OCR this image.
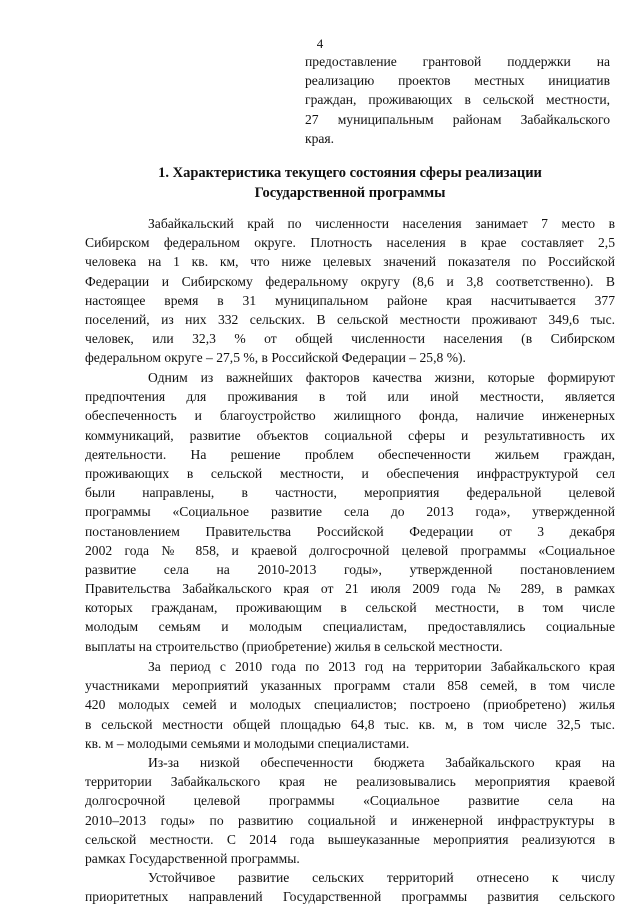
4
предоставление грантовой поддержки на
реализацию проектов местных инициатив
граждан, проживающих в сельской местности,
27 муниципальным районам Забайкальского
края.
1. Характеристика текущего состояния сферы реализации
Государственной программы
Забайкальский край по численности населения занимает 7 место в
Сибирском федеральном округе. Плотность населения в крае составляет 2,5
человека на 1 кв. км, что ниже целевых значений показателя по Российской
Федерации и Сибирскому федеральному округу (8,6 и 3,8 соответственно). В
настоящее время в 31 муниципальном районе края насчитывается 377
поселений, из них 332 сельских. В сельской местности проживают 349,6 тыс.
человек, или 32,3 % от общей численности населения (в Сибирском
федеральном округе – 27,5 %, в Российской Федерации – 25,8 %).
Одним из важнейших факторов качества жизни, которые формируют
предпочтения для проживания в той или иной местности, является
обеспеченность и благоустройство жилищного фонда, наличие инженерных
коммуникаций, развитие объектов социальной сферы и результативность их
деятельности. На решение проблем обеспеченности жильем граждан,
проживающих в сельской местности, и обеспечения инфраструктурой сел
были направлены, в частности, мероприятия федеральной целевой
программы «Социальное развитие села до 2013 года», утвержденной
постановлением Правительства Российской Федерации от 3 декабря
2002 года № 858, и краевой долгосрочной целевой программы «Социальное
развитие села на 2010-2013 годы», утвержденной постановлением
Правительства Забайкальского края от 21 июля 2009 года № 289, в рамках
которых гражданам, проживающим в сельской местности, в том числе
молодым семьям и молодым специалистам, предоставлялись социальные
выплаты на строительство (приобретение) жилья в сельской местности.
За период с 2010 года по 2013 год на территории Забайкальского края
участниками мероприятий указанных программ стали 858 семей, в том числе
420 молодых семей и молодых специалистов; построено (приобретено) жилья
в сельской местности общей площадью 64,8 тыс. кв. м, в том числе 32,5 тыс.
кв. м – молодыми семьями и молодыми специалистами.
Из-за низкой обеспеченности бюджета Забайкальского края на
территории Забайкальского края не реализовывались мероприятия краевой
долгосрочной целевой программы «Социальное развитие села на
2010–2013 годы» по развитию социальной и инженерной инфраструктуры в
сельской местности. С 2014 года вышеуказанные мероприятия реализуются в
рамках Государственной программы.
Устойчивое развитие сельских территорий отнесено к числу
приоритетных направлений Государственной программы развития сельского
